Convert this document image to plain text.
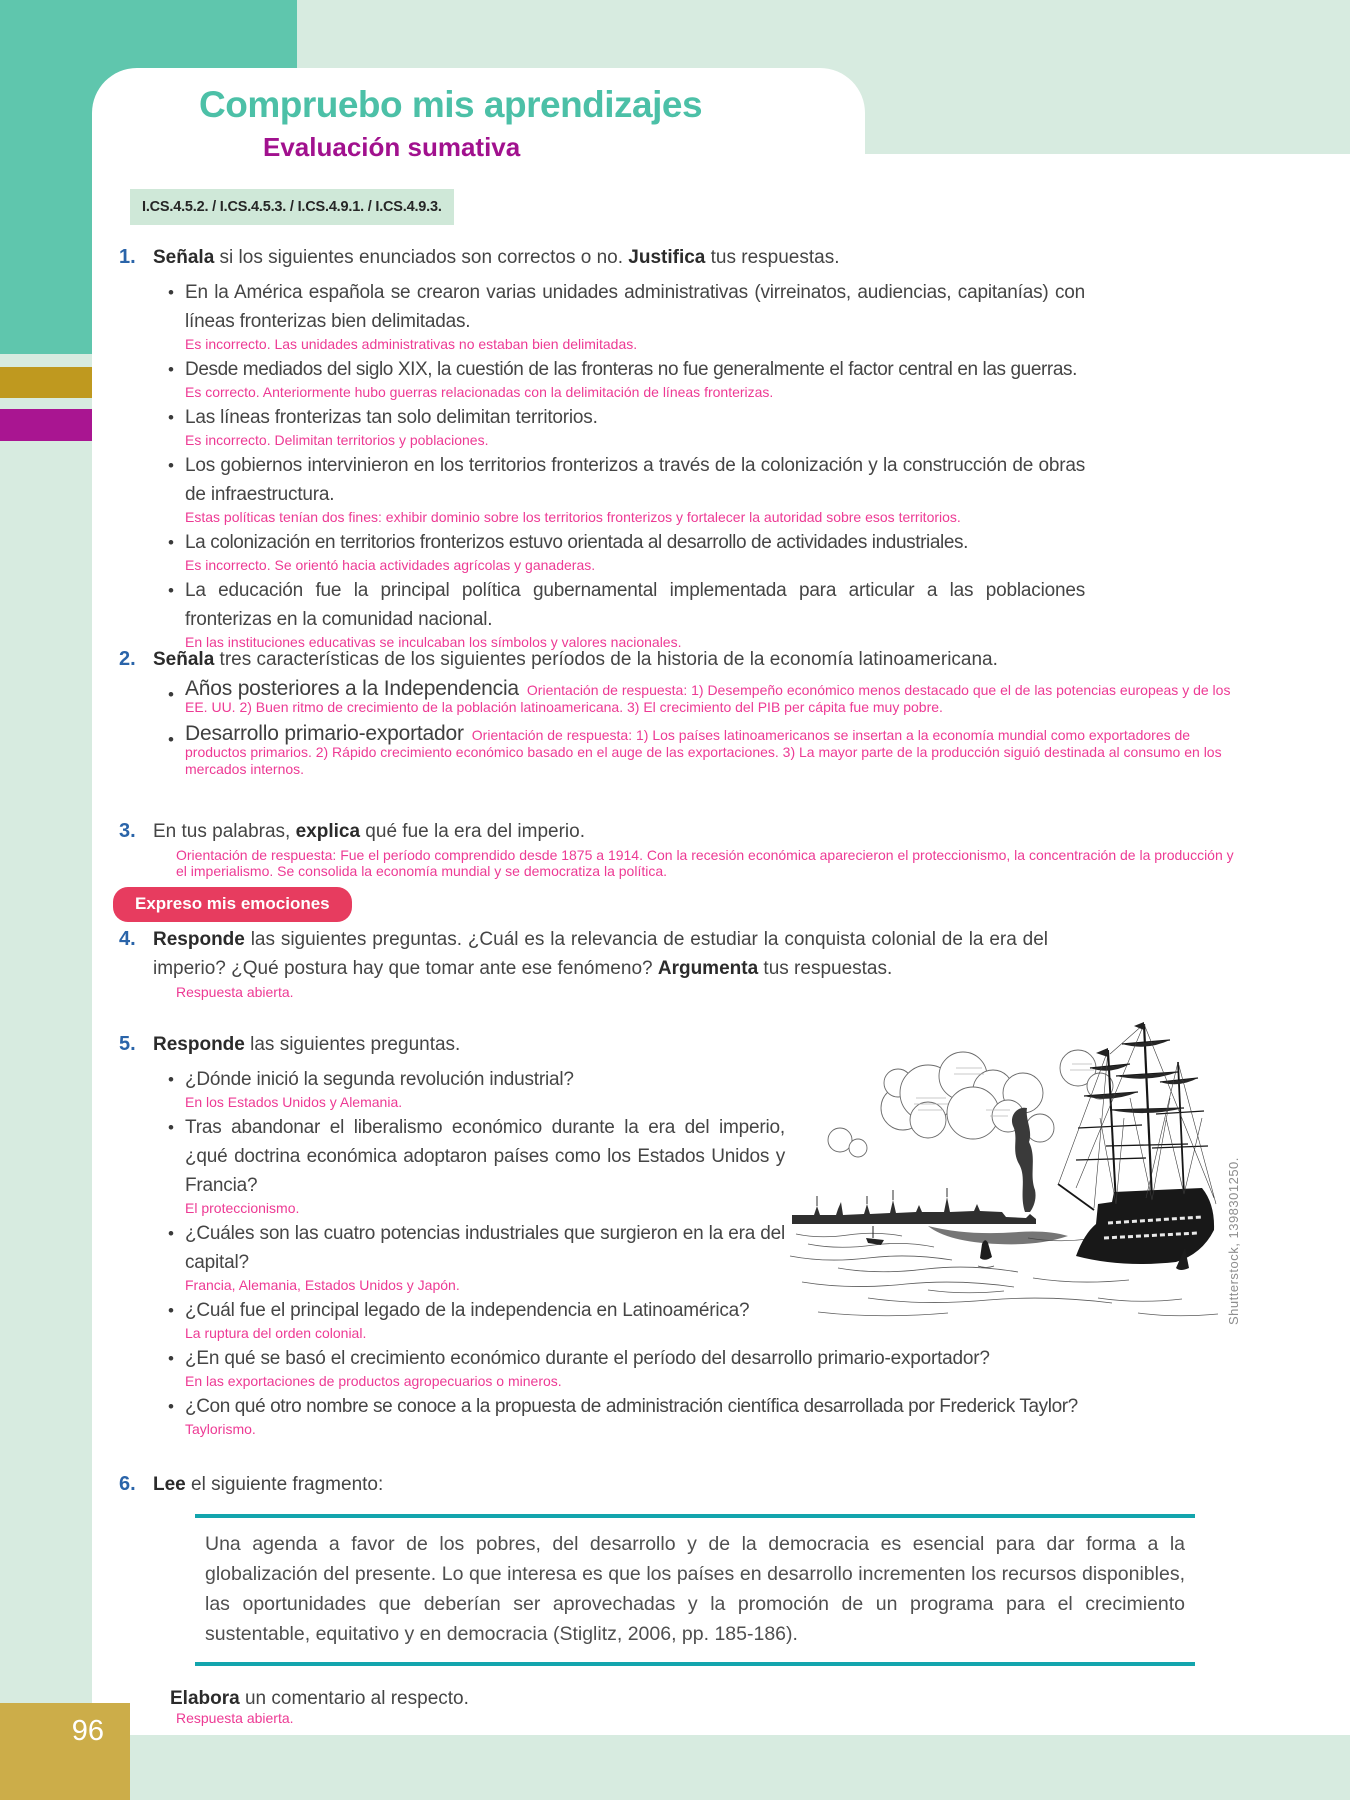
Compruebo mis aprendizajes
Evaluación sumativa
I.CS.4.5.2. / I.CS.4.5.3. / I.CS.4.9.1. / I.CS.4.9.3.
1. Señala si los siguientes enunciados son correctos o no. Justifica tus respuestas.
• En la América española se crearon varias unidades administrativas (virreinatos, audiencias, capitanías) con líneas fronterizas bien delimitadas.
Es incorrecto. Las unidades administrativas no estaban bien delimitadas.
• Desde mediados del siglo XIX, la cuestión de las fronteras no fue generalmente el factor central en las guerras.
Es correcto. Anteriormente hubo guerras relacionadas con la delimitación de líneas fronterizas.
• Las líneas fronterizas tan solo delimitan territorios.
Es incorrecto. Delimitan territorios y poblaciones.
• Los gobiernos intervinieron en los territorios fronterizos a través de la colonización y la construcción de obras de infraestructura.
Estas políticas tenían dos fines: exhibir dominio sobre los territorios fronterizos y fortalecer la autoridad sobre esos territorios.
• La colonización en territorios fronterizos estuvo orientada al desarrollo de actividades industriales.
Es incorrecto. Se orientó hacia actividades agrícolas y ganaderas.
• La educación fue la principal política gubernamental implementada para articular a las poblaciones fronterizas en la comunidad nacional.
En las instituciones educativas se inculcaban los símbolos y valores nacionales.
2. Señala tres características de los siguientes períodos de la historia de la economía latinoamericana.
• Años posteriores a la Independencia Orientación de respuesta: 1) Desempeño económico menos destacado que el de las potencias europeas y de los EE. UU. 2) Buen ritmo de crecimiento de la población latinoamericana. 3) El crecimiento del PIB per cápita fue muy pobre.
• Desarrollo primario-exportador Orientación de respuesta: 1) Los países latinoamericanos se insertan a la economía mundial como exportadores de productos primarios. 2) Rápido crecimiento económico basado en el auge de las exportaciones. 3) La mayor parte de la producción siguió destinada al consumo en los mercados internos.
3. En tus palabras, explica qué fue la era del imperio.
Orientación de respuesta: Fue el período comprendido desde 1875 a 1914. Con la recesión económica aparecieron el proteccionismo, la concentración de la producción y el imperialismo. Se consolida la economía mundial y se democratiza la política.
Expreso mis emociones
4. Responde las siguientes preguntas. ¿Cuál es la relevancia de estudiar la conquista colonial de la era del imperio? ¿Qué postura hay que tomar ante ese fenómeno? Argumenta tus respuestas.
Respuesta abierta.
5. Responde las siguientes preguntas.
• ¿Dónde inició la segunda revolución industrial?
En los Estados Unidos y Alemania.
• Tras abandonar el liberalismo económico durante la era del imperio, ¿qué doctrina económica adoptaron países como los Estados Unidos y Francia?
El proteccionismo.
• ¿Cuáles son las cuatro potencias industriales que surgieron en la era del capital?
Francia, Alemania, Estados Unidos y Japón.
• ¿Cuál fue el principal legado de la independencia en Latinoamérica?
La ruptura del orden colonial.
• ¿En qué se basó el crecimiento económico durante el período del desarrollo primario-exportador?
En las exportaciones de productos agropecuarios o mineros.
• ¿Con qué otro nombre se conoce a la propuesta de administración científica desarrollada por Frederick Taylor?
Taylorismo.
6. Lee el siguiente fragmento:
Shutterstock, 1398301250.
Una agenda a favor de los pobres, del desarrollo y de la democracia es esencial para dar forma a la globalización del presente. Lo que interesa es que los países en desarrollo incrementen los recursos disponibles, las oportunidades que deberían ser aprovechadas y la promoción de un programa para el crecimiento sustentable, equitativo y en democracia (Stiglitz, 2006, pp. 185-186).
Elabora un comentario al respecto.
Respuesta abierta.
96
